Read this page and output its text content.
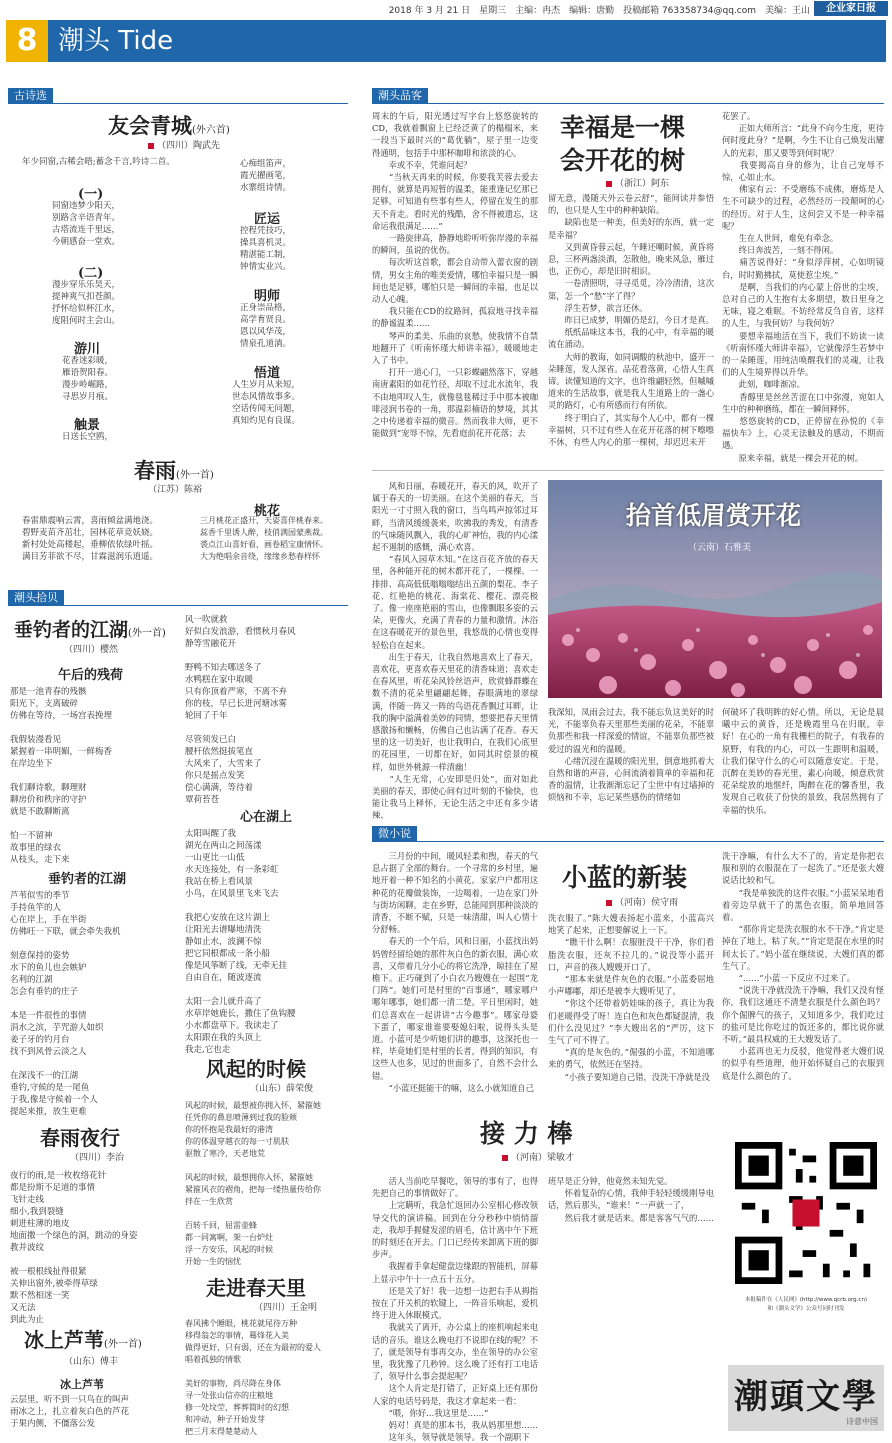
2018 年 3 月 21 日　星期三　主编：冉杰　编辑：唐勤　投稿邮箱 763358734@qq.com　美编：王山	企业家日报
8 潮头 Tide
古诗选
友会青城(外六首)
（四川）陶武先
年少同窗,古稀会晤;蓄念千言,吟诗二首。
(一)
同窗违梦少阳天，
别路含辛语青年。
古塔流连千里远，
今朝感奋一堂欢。
(二)
漫步穿乐乐昊天，
提神爽气扣苍颜。
抒怀给似杯江水，
度阻何时主会山。
游川
花香迷彩暖，
雁语贺阳春。
漫步岭崛路，
寻思岁月痕。
触景
日送长空鸥，
心痴组笛声，
霞光擢画笔，
水寨组诗情。
匠运
控程凭技巧，
操具喜机灵。
精湛能工制，
钟情实业兴。
明师
正身崇品格，
高学育贤良。
恩以风华茂，
情泉孔道淌。
悟道
人生岁月从来短，
世态风情故事多。
空话传闻无问题，
真知灼见有良谋。
春雨(外一首)
（江苏）陈裕
春雷鼎震响云霄，喜雨倾盆满地浇。
碧野麦苗齐茁壮，园林花草竞妖娆。
新村处处高楼起，垂柳依依绿叶摇。
满目芳菲欲不尽，甘霖滋润乐逍遥。
桃花
三月桃花正盛开，天姿喜伴桃春来。
蕊香千里诱人醉，枝俏满园蒙燕裁。
裘点江山喜好看，画卷稻宝康情怀。
大为绝唱余音绕，缘缘乡愁春样怀
潮头拾贝
垂钓者的江湖(外一首)
（四川）樱然
午后的残荷
那是一池青春的残骸
阳光下，支离破碎
仿佛在等待，一场宫表挽埋

我假装漫看见
紧握着一串明媚，一鲜梅香
在岸边坐下

我们聊诗歌，聊理财
聊房价和秩序的守护
就是不敢聊断离

怕一不留神
故事里的绿衣
从枝头，走下来
垂钓者的江湖
芦苇似雪的季节
手持鱼竿的人
心在岸上，手在半街
仿佛旺一下联，就会牵失我机

刻意保持的姿势
水下的鱼儿也会嫉妒
名利的江湖
怎会有垂钓的庄子

本是一件很性的事情
涓水之滨，芋咒游人如织
姜子牙的钓月台
找不到风骨云淡之人

在深浅不一的江湖
垂钓,守候的是一尾鱼
于我,像是守候着一个人
提起来推，放生更难
风一吹就救
好似白发浪游，看惯秋月春风
静等雪融花开

野鸭不知去哪送冬了
水鸭糕在家中取暖
只有你顶着严寒，不离不弃
你的枝，早已长进河塘冰雾
轮回了千年

尽管须发已白
腰杆依然挺拔笔直
大风来了，大雪来了
你只是摇点发笑
偿心满满，等待着
覃荷苔苍
心在湖上
太阳叫醒了我
湖光在两山之间荡漾
一山更比一山低
水天连接处，有一条彩虹
我站在桥上看风景
小鸟，在风景里飞来飞去

我把心安放在这片湖上
让阳光去谱曝地清洗
静如止水，波澜不惊
把它同根都成一条小船
像是风筝断了线，无牵无挂
自由自在，随波逐流

太阳一会儿就升高了
水草岸她鹿长，撒住了鱼钩腰
小水都盘草下。我读走了
太阳跟在我的头顶上
我走,它也走
春雨夜行
（四川）李治
夜行的雨,是一枚枚络花针
都是扮斯不足道的事情
飞针走线
细小,我到裂缝
刺进柱薄的地皮
地面撒一个绿色的洞，跳动的身姿
教并波纹

被一根根线扯得很紧
关伸出窗外,被牵得草绿
默不然相迷一笑
又无法
到此为止
风起的时候
（山东）薛荣俊
风起的时候，最想被你拥入怀，紧箍她
任凭你的鼻息喷薄到过我的脸颊
你的怀抱是我最好的港湾
你的体温穿越衣的每一寸肌肤
驱散了寒冷，天老地荒

风起的时候，最想拥你入怀，紧箍她
紧箍风衣的褶角，把每一缕热量传给你
拌在一生欣赏

百转千回，屈雷壶蜂
都一同寓啊，架一台炉灶
浮一方安乐，风起的时候
开始一生的恼忧
走进春天里
（四川）王金明
春风拂个睡眼，桃花就尾待万种
移得翁怎的事情，蓦烽花入美
做得更好，只有弱，还在为最初的爱人
唱着孤独的情歌

美好的事物，尚尽降在身体
寻一处张山信亦的庄粮地
修一处坟茔，葬葬简时的幻想
和冲动，种子开始发芽
把三月末得楚楚动人
冰上芦苇(外一首)
（山东）傅丰
冰上芦苇
云层里，听不到一只鸟在的叫声
雨冰之上，扎立着灰白色的芦花
于果内侧，不僵落公发
潮头品客
周末的午后，阳光透过写字台上悠悠旋转的CD，我就着飘窗上已经泛黄了的榻榻米，来一段当下最时兴的“葛优躺”，屋子里一边变得通明，包括手中那杯咖啡和浓淡的心。
　　幸或不幸，凭谁问起？
　　“当秋天再来的时候，你要我芙蓉去爱去拥有，就算是再短暂的温柔，能重逢记忆那已足够。可知道有些事有些人，停留在发生的那天不肯走。看时光的残酷，舍不得被遗忘，这命运我很满足……”
　　一路旋律高，静静地聆听听弥岸漫的幸福的瞬间，虽说的优伤。
　　每次听这首歌，都会自动带入蕾衣窗的剧情，男女主角的唯美爱情，哪怕幸福只是一瞬间也是足够，哪怕只是一瞬间的幸福，也足以动人心魄。
　　我只能在CD的纹路间，孤寂地寻找幸福的静谧温柔……
　　琴声的柔美、乐曲的哀愁，使我情不自禁地翻开了《听南怀瑾大师讲幸福》，暖暖地走入了书中。
　　打开一道心门，一只彩蝶翩然落下，穿越南唐素阳的如花竹径，却取不过北水流年，我不由地叩叹人生，就像毯毯稀过手中那本被咖啡浸润书卷的一角，那温彩楠语的梦境，其其之中传递着幸福的微音。然而我非大师，更不能做到“宠辱不惊，先看庭前花开花落；去
幸福是一棵
会开花的树
（浙江）阿东
留无意，漫随天外云卷云舒”，能间读并参悟的，也只是人生中的种种缺陷。
　　缺陷也是一种美，但美好的东西，就一定是幸福？
　　又到黄昏蓉云起，午睡还嘲时候，黄昏将息，三杯两盏淡酒，怎散他，晚来风急，雁过也，正伤心，却是旧时相识。
　　一卷清照明，寻寻觅觅，冷冷清清，这次第，怎一个“愁”字了得？
　　浮生若梦，欲言还休。
　　昨日已成梦，明媚仍是幻，今日才是真。
　　纸纸品味这本书，我的心中，有幸福的暖流在涌动。
　　大师的教诲，如同调酸的秋池中，盛开一朵睡莲，发人深省。品花看落黄，心悟人生真谛。读懂知道的文字，也许维翩轻然，但嘁嘁道来的生活故事，就是我人生道路上的一盏心灵的路灯，心有所感而行有所依。
　　终于明白了，其实每个人心中，都有一棵幸福树，只不过有些人在花开花落的树下嚓嚓不休，有些人内心的那一棵树，却迟迟未开
花罢了。
　　正如大师所言：“此身不向今生度，更待何时度此身？”是啊，今生不让自己焕发出耀人的光彩，那又要等到何时呢？
　　我要揭高自身的修为，让自己宠辱不惊，心如止水。
　　佛家有云：不受磨练不成佛，磨炼是人生不可缺少的过程，必然经历一段颠呵的心的经历。对于人生，这何尝又不是一种幸福呢？
　　生在人世间，难免有牵念。
　　终日奔波苦，一刻不得闲。
　　痛苦说得好：“身似浮萍树，心如明镜台，时时勤拂拭，莫使惹尘埃。”
　　是啊，当我们的内心蒙上俗世的尘埃，总对自己的人生抱有太多期望，数日里身之无味，寝之难眠。不妨经常反刍自省，这样的人生，与我何妨？与我何妨？
　　要想幸福地活在当下，我们不妨读一读《听南怀瑾大师讲幸福》，它就像浮生若梦中的一朵睡莲，用纯洁唤醒我们的灵魂，让我们的人生境界得以升华。
　　此刻，咖啡渐凉。
　　香醇里是丝丝苦涩在口中弥漫，宛如人生中的种种磨练，都在一瞬间释怀。
　　悠悠旋转的CD，正停留在孙悦的《幸福快车》上，心灵无法触及的感动，不期而遇。
　　原来幸福，就是一棵会开花的树。
　　风和日丽，春暖花开，春天的风，吹开了属于春天的一切美丽。在这个美丽的春天，当阳光一寸寸照入我的窗口，当鸟鸣声掠邻过耳畔，当清风缓缓袭来，吹拂我的秀发，有清香的气味随风飘入，我的心旷神怡，我的内心漾起不遏制的感慨，满心欢喜。
　　“春风入园草木知。”在这百花齐放的春天里，各种能开花的树木都开花了，一棵棵、一排排、高高低低嗡嗡嗡结出五颜的梨花、李子花、红艳艳的桃花、海棠花、樱花、漂亮极了。像一座座艳丽的雪山，也像飘眼多姿的云朵，更像火，充满了青春的力量和激情。沐浴在这春暖花开的景色里，我悠哉的心情也变得轻松自在起来。
　　出生于春天，让我自然地喜欢上了春天，喜欢花，更喜欢春天里花的清香味道；喜欢走在春风里，听花朵风铃丝语声，欣赏蜂群蝶在数不清的花朵里翩翩起舞，春眼满地的翠绿满，伴随一阵又一阵的鸟语花香飘过耳畔，让我的胸中溢满着美妙的同情，想要把春天里情感激扬和懒畅，仿佛自己也沾满了花香。春天里的这一切美好，也让我明白，在我们心底里的花园里，一切都在好，如同其时偿景的模样，如世外桃源一样清幽！
　　“人生无常，心安即是归处”，面对如此美丽的春天，即使心间有过叶刻的不愉快，也能让我马上释怀，无论生活之中还有多少诸辣、
抬首低眉赏开花
（云南）石雅美
我深知，凤雨会过去，我不能忘负这美好的时光，不能辜负春天里那些美丽的花朵，不能辜负那些和我一样深爱的情谊，不能辜负那些被爱过的温光和的温暖。
　　心绪沉浸在温暖的阳光里，倒意地抓着大自然和谐的声音，心间流淌着简单的幸福和花香的温情，让我渐渐忘记了尘世中有过墙掉的烦恼和不幸，忘记某些感伤的情绪如
何破坏了我明眸的好心情。所以，无论是晨曦中云的黄昏，还是晚霞里乌在归眠。幸好！在心的一角有我栅栏的院子，有我春的原野，有我的内心，可以一生跟明和温暖，让我们保守什么的心可以随意安定。于是，沉醉在美妙的春光里，素心向暖，倾意欣赏花朵绽放的地惬纤，陶醉在花的馨香里，我发现自己收获了份快的景致，我居然拥有了幸福的快乐。
微小说
　　三月份的中间，暖风轻柔和煦，春天的气息占据了全部的舞台。一个寻常的乡村里，遍地开着一种不知名的小黄花。家家户户都用这种花的花瓣做装饰，一边喝着，一边在家门外与街坊闲聊。走在乡野，总能闻到那种淡淡的清香，不断不赋，只是一味清甜，叫人心情十分舒畅。
　　春天的一个午后，风和日丽，小蓝找出妈妈曾经留给她的那件灰白色的新衣服，满心欢喜，又带着几分小心的将它洗净，晾挂在了屋檐下。正巧碰到了小白衣乃嫂嫂在一起围“龙门阵”。她们可是村里的“百事通”，哪家哪户哪年哪事，她们都一清二楚。平日里闲时，她们总喜欢在一起讲讲“古今趣事”。哪家母婆下蛋了，哪家谁谁要娶媳妇啦，说得头头是道。小蓝可是少听她们讲的趣事，这深托也一样，毕竟她们是村里的长者，得到的知识，有这些人也多，见过的世面多了，自然不会什么错。
　　“小蓝还挺能干的嘛，这么小就知道自己
小蓝的新装
（河南）侯守雨
洗衣服了。”陈大嫂表扬起小蓝来，小蓝高兴地笑了起来，正想要解说上一下。
　　“瞧干什么啊！衣服脏没干干净，你们看脂洗衣服，还灰不拉几的。”说没等小蓝开口，声音的孩人嫂嫂开口了。
　　“那本来就是件灰色的衣服。”小蓝委屈地小声嘟嘟，却还是被李大嫂听见了。
　　“你这个还带着奶娃味的孩子，真让为我们老暖得受了呀！连白色和灰色都疑混清，我们什么没见过？”李大嫂出名的“严厉，这下生气了可不得了。
　　“真的是灰色的。”倔强的小蓝，不知道哪来的勇气，依然还在坚持。
　　“小孩子要知道自己错，没洗干净就是没
洗干净嘛，有什么大不了的，肯定是你把衣服和别的衣服混在了一起洗了。”还是张大嫂说话比较和气。
　　“我是单独洗的这件衣服。”小蓝呆呆地看着旁边早就干了的黑色衣服，简单地回答着。
　　“那你肯定是洗衣服的水不干净。”肯定是掉在了地上，粘了灰。”“肯定是混在水里的时间太长了。”妈小蓝在继续说，大嫂们真的都生气了。
　　“……”小蓝一下反应不过来了。
　　“说洗干净就没洗干净嘛，我们又没有怪你，我们这通还不清楚衣服是什么颜色吗？你个倔脾气的孩子，又知道多少，我们吃过的盐可是比你吃过的饭还多的，都比说你就不听。”最具权威的王大嫂发话了。
　　小蓝再也无力反驳，他觉得老大嫂们说的似乎有些道理，他开始怀疑自己的衣服到底是什么颜色的了。
接 力 棒
（河南）梁敏才
　　活人当前吃早餐吃，领导的事有了，也得先把自己的事情做好了。
　　上完瞒听，我急忙返回办公室相心修改领导交代的演讲稿。回到在分分秒秒中悄悄溜走，我却手握健发涩的眉毛，估计离中午下班的时刻还在开去。门口已经传来卸离下班的脚步声。
　　我握着手拿起健盘边缘跟的智能机，屏幕上显示中午十一点五十五分。
　　还是关了好！我一边想一边把右手从拇指按在了开关机的软键上，一阵音乐响起，爱机终于进入休眠模式。
　　我就关了离开，办公桌上的座机响起来电话的音乐。谁这么晚电打不说即在线的呢？不了，就是领导有事再交办，坐在领导的办公室里，我犹豫了几秒钟。这么晚了还有打工电话了，领导什么事会提起呢？
　　这个人肯定是打错了，正好桌上还有那份人家的电话号码是，我这才拿起来一看：
　　“喂，你好…我这里是……”
　　妈对！真是的那本书，我从妈那里想……
　　这年头，领导就是领导。我一个副职下
班早是正分钟，他竟然未知先觉。
　　怀着复杂的心情，我伸手轻轻缓缓刚导电话，然后那头，“谁来！”一声就一了，
　　然后我才就是话来。都是客客气气的……
本报稿件在《人民网》(http://www.qcrb.org.cn)
和《潮头文学》公众号同时刊发
潮頭文學
诗意中国
